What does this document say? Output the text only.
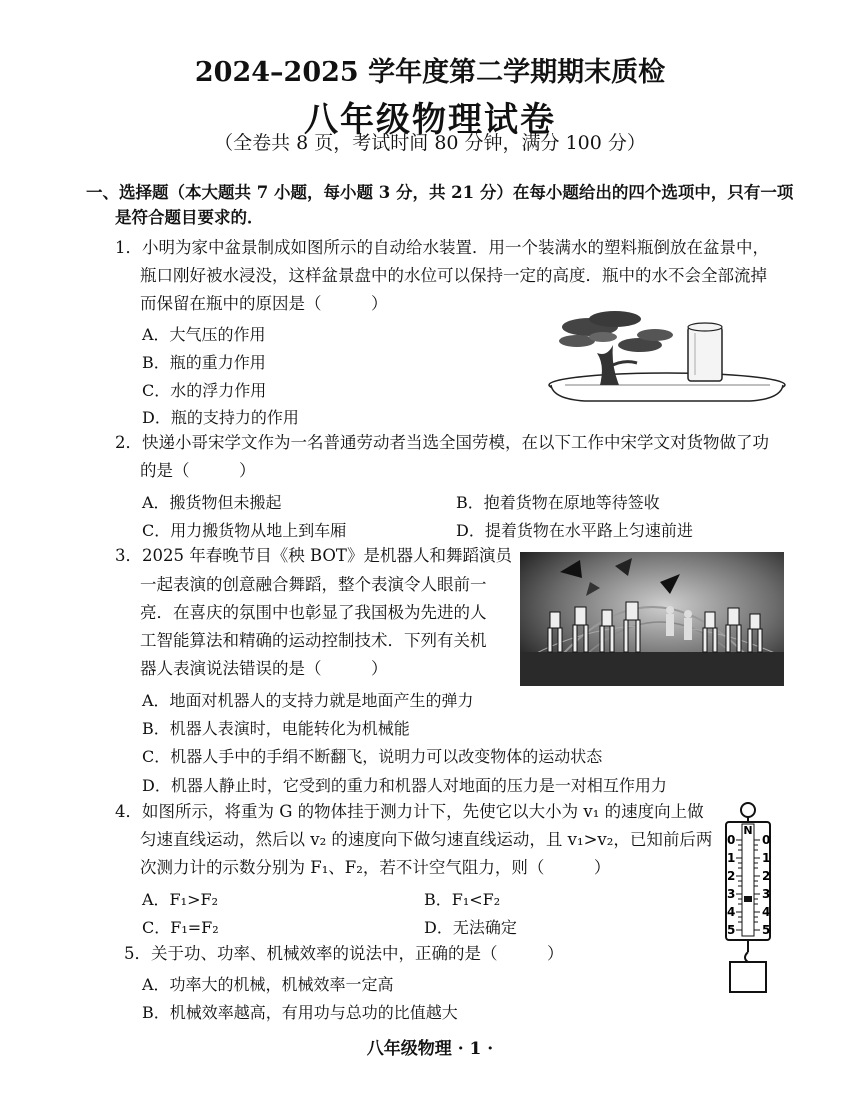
2024–2025 学年度第二学期期末质检
八年级物理试卷
（全卷共 8 页，考试时间 80 分钟，满分 100 分）
一、选择题（本大题共 7 小题，每小题 3 分，共 21 分）在每小题给出的四个选项中，只有一项
是符合题目要求的．
1．小明为家中盆景制成如图所示的自动给水装置．用一个装满水的塑料瓶倒放在盆景中，
瓶口刚好被水浸没，这样盆景盘中的水位可以保持一定的高度．瓶中的水不会全部流掉
而保留在瓶中的原因是（　　　）
A．大气压的作用
B．瓶的重力作用
C．水的浮力作用
D．瓶的支持力的作用
2．快递小哥宋学文作为一名普通劳动者当选全国劳模，在以下工作中宋学文对货物做了功
的是（　　　）
A．搬货物但未搬起	B．抱着货物在原地等待签收
C．用力搬货物从地上到车厢	D．提着货物在水平路上匀速前进
3．2025 年春晚节目《秧 BOT》是机器人和舞蹈演员
一起表演的创意融合舞蹈，整个表演令人眼前一
亮．在喜庆的氛围中也彰显了我国极为先进的人
工智能算法和精确的运动控制技术．下列有关机
器人表演说法错误的是（　　　）
A．地面对机器人的支持力就是地面产生的弹力
B．机器人表演时，电能转化为机械能
C．机器人手中的手绢不断翻飞，说明力可以改变物体的运动状态
D．机器人静止时，它受到的重力和机器人对地面的压力是一对相互作用力
4．如图所示，将重为 G 的物体挂于测力计下，先使它以大小为 v₁ 的速度向上做
匀速直线运动，然后以 v₂ 的速度向下做匀速直线运动，且 v₁>v₂，已知前后两
次测力计的示数分别为 F₁、F₂，若不计空气阻力，则（　　　）
A．F₁>F₂	B．F₁<F₂
C．F₁=F₂	D．无法确定
N
0 0
1 1
2 2
3 3
4 4
5 5
5．关于功、功率、机械效率的说法中，正确的是（　　　）
A．功率大的机械，机械效率一定高
B．机械效率越高，有用功与总功的比值越大
八年级物理 · 1 ·
